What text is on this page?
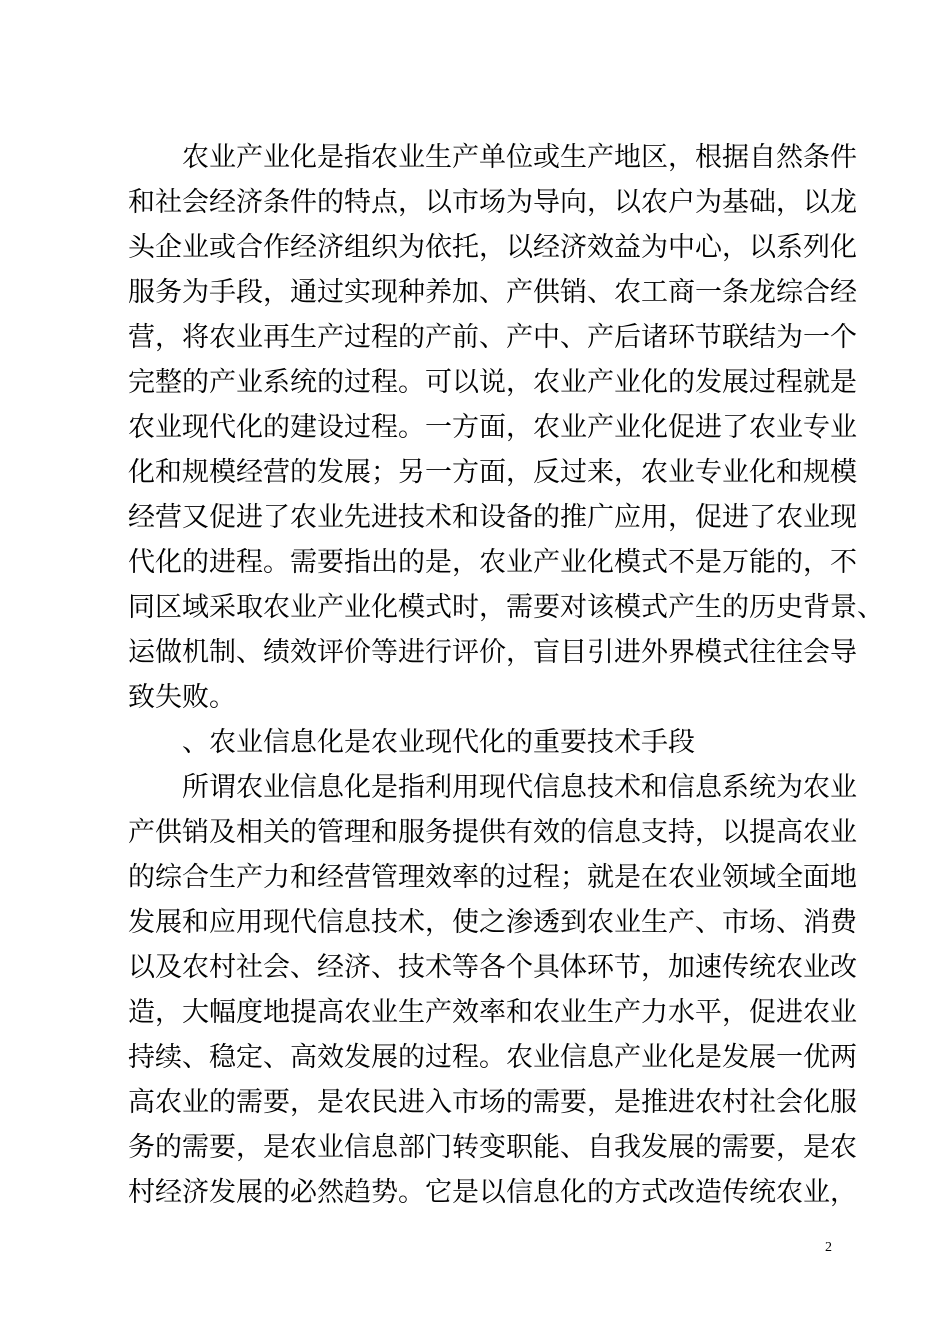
农业产业化是指农业生产单位或生产地区，根据自然条件
和社会经济条件的特点，以市场为导向，以农户为基础，以龙
头企业或合作经济组织为依托，以经济效益为中心，以系列化
服务为手段，通过实现种养加、产供销、农工商一条龙综合经
营，将农业再生产过程的产前、产中、产后诸环节联结为一个
完整的产业系统的过程。可以说，农业产业化的发展过程就是
农业现代化的建设过程。一方面，农业产业化促进了农业专业
化和规模经营的发展；另一方面，反过来，农业专业化和规模
经营又促进了农业先进技术和设备的推广应用，促进了农业现
代化的进程。需要指出的是，农业产业化模式不是万能的，不
同区域采取农业产业化模式时，需要对该模式产生的历史背景、
运做机制、绩效评价等进行评价，盲目引进外界模式往往会导
致失败。
、农业信息化是农业现代化的重要技术手段
所谓农业信息化是指利用现代信息技术和信息系统为农业
产供销及相关的管理和服务提供有效的信息支持，以提高农业
的综合生产力和经营管理效率的过程；就是在农业领域全面地
发展和应用现代信息技术，使之渗透到农业生产、市场、消费
以及农村社会、经济、技术等各个具体环节，加速传统农业改
造，大幅度地提高农业生产效率和农业生产力水平，促进农业
持续、稳定、高效发展的过程。农业信息产业化是发展一优两
高农业的需要，是农民进入市场的需要，是推进农村社会化服
务的需要，是农业信息部门转变职能、自我发展的需要，是农
村经济发展的必然趋势。它是以信息化的方式改造传统农业，
2
